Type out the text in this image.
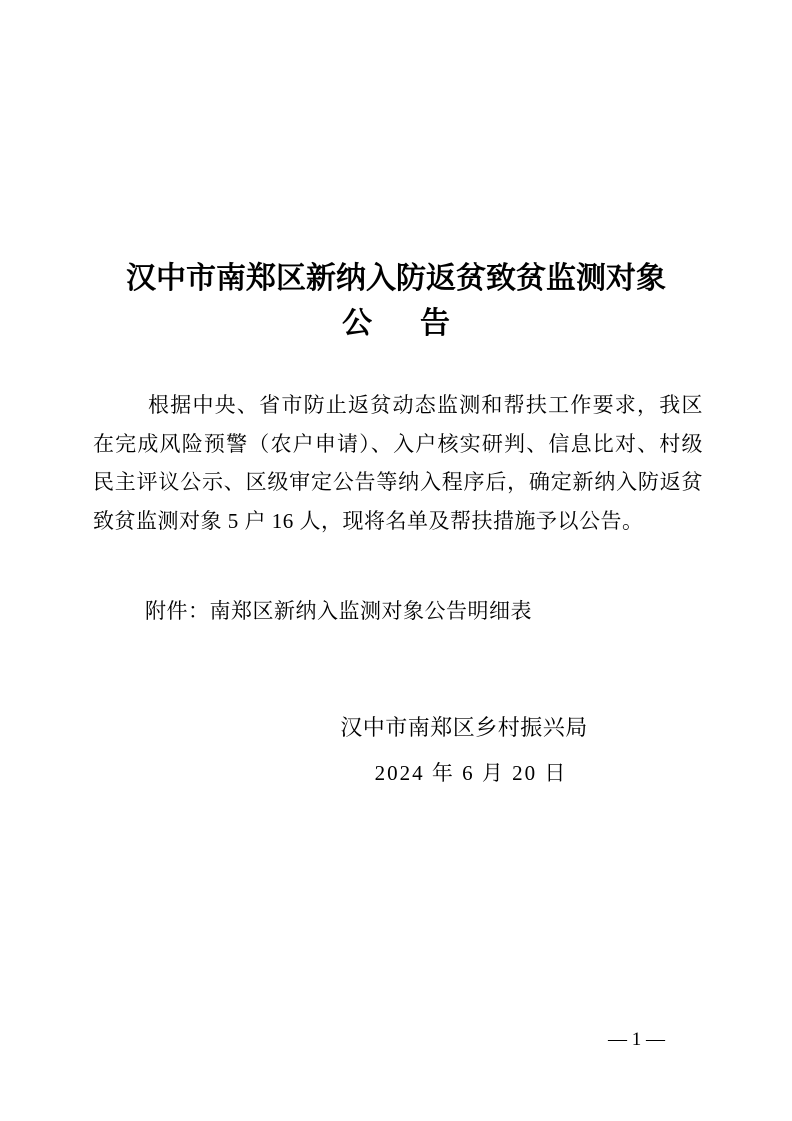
汉中市南郑区新纳入防返贫致贫监测对象
公 告
根据中央、省市防止返贫动态监测和帮扶工作要求，我区在完成风险预警（农户申请）、入户核实研判、信息比对、村级民主评议公示、区级审定公告等纳入程序后，确定新纳入防返贫致贫监测对象 5 户 16 人，现将名单及帮扶措施予以公告。
附件：南郑区新纳入监测对象公告明细表
汉中市南郑区乡村振兴局
2024 年 6 月 20 日
— 1 —
